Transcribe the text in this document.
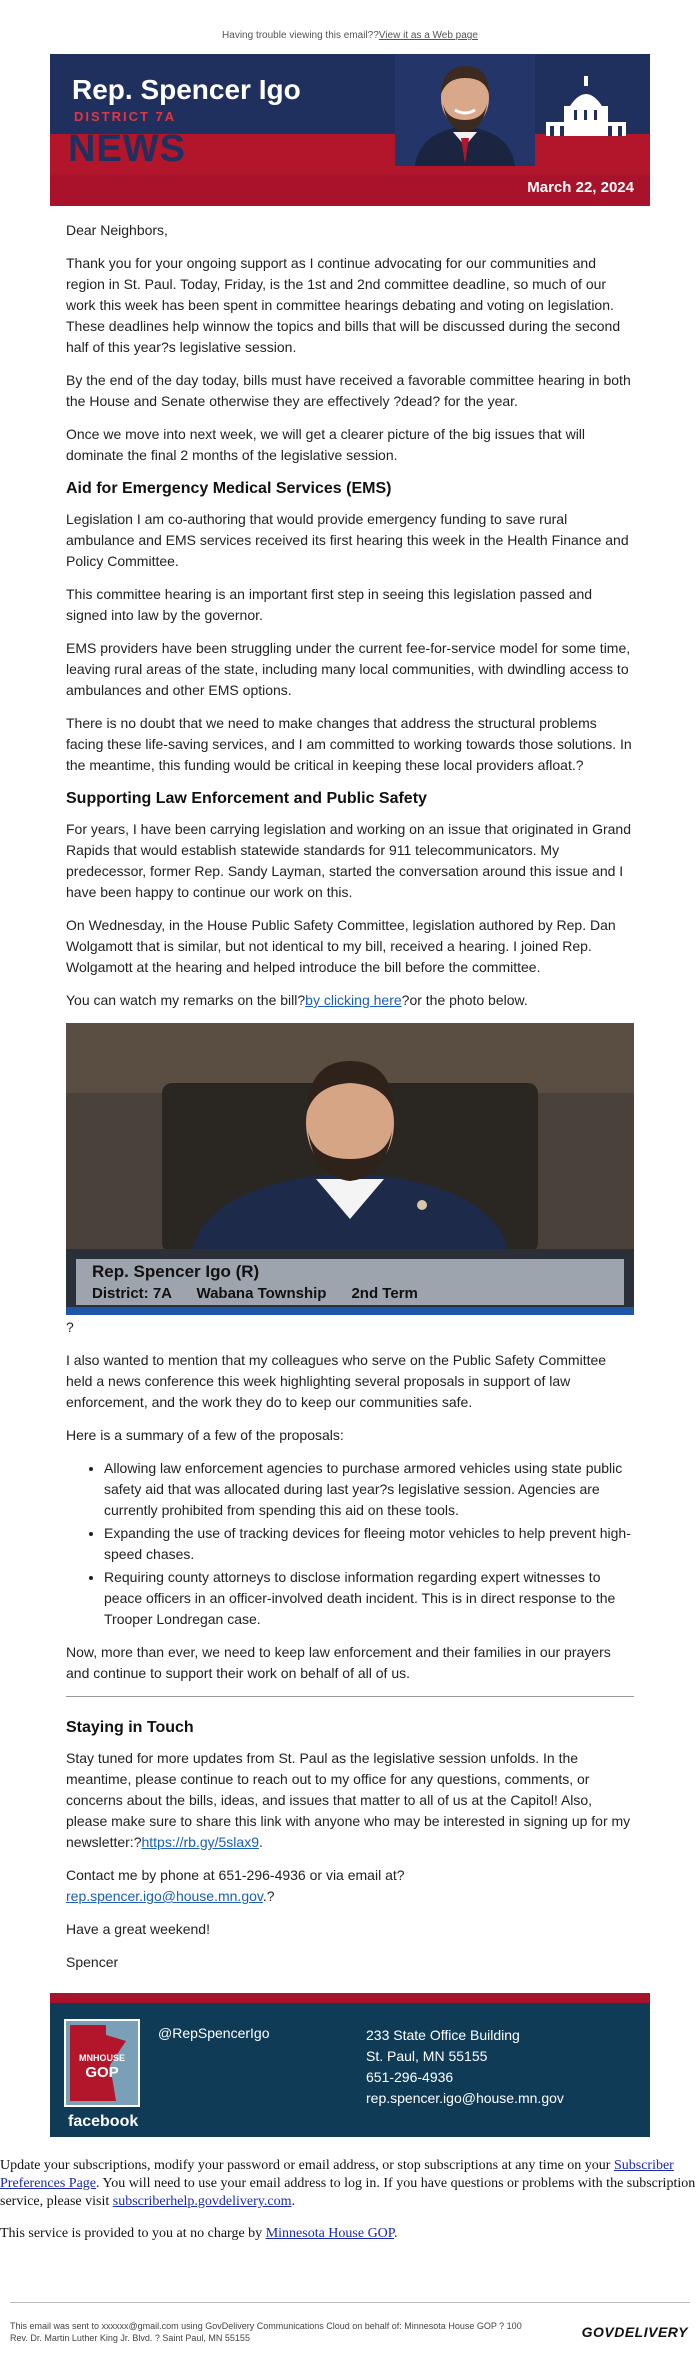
Having trouble viewing this email??View it as a Web page
Rep. Spencer Igo
DISTRICT 7A
NEWS
March 22, 2024

Dear Neighbors,

Thank you for your ongoing support as I continue advocating for our communities and region in St. Paul. Today, Friday, is the 1st and 2nd committee deadline, so much of our work this week has been spent in committee hearings debating and voting on legislation. These deadlines help winnow the topics and bills that will be discussed during the second half of this year?s legislative session.

By the end of the day today, bills must have received a favorable committee hearing in both the House and Senate otherwise they are effectively ?dead? for the year.

Once we move into next week, we will get a clearer picture of the big issues that will dominate the final 2 months of the legislative session.

Aid for Emergency Medical Services (EMS)

Legislation I am co-authoring that would provide emergency funding to save rural ambulance and EMS services received its first hearing this week in the Health Finance and Policy Committee.

This committee hearing is an important first step in seeing this legislation passed and signed into law by the governor.

EMS providers have been struggling under the current fee-for-service model for some time, leaving rural areas of the state, including many local communities, with dwindling access to ambulances and other EMS options.

There is no doubt that we need to make changes that address the structural problems facing these life-saving services, and I am committed to working towards those solutions. In the meantime, this funding would be critical in keeping these local providers afloat.?

Supporting Law Enforcement and Public Safety

For years, I have been carrying legislation and working on an issue that originated in Grand Rapids that would establish statewide standards for 911 telecommunicators. My predecessor, former Rep. Sandy Layman, started the conversation around this issue and I have been happy to continue our work on this.

On Wednesday, in the House Public Safety Committee, legislation authored by Rep. Dan Wolgamott that is similar, but not identical to my bill, received a hearing. I joined Rep. Wolgamott at the hearing and helped introduce the bill before the committee.

You can watch my remarks on the bill?by clicking here?or the photo below.

Rep. Spencer Igo (R)
District: 7A      Wabana Township      2nd Term
?

I also wanted to mention that my colleagues who serve on the Public Safety Committee held a news conference this week highlighting several proposals in support of law enforcement, and the work they do to keep our communities safe.

Here is a summary of a few of the proposals:

• Allowing law enforcement agencies to purchase armored vehicles using state public safety aid that was allocated during last year?s legislative session. Agencies are currently prohibited from spending this aid on these tools.
• Expanding the use of tracking devices for fleeing motor vehicles to help prevent high-speed chases.
• Requiring county attorneys to disclose information regarding expert witnesses to peace officers in an officer-involved death incident. This is in direct response to the Trooper Londregan case.

Now, more than ever, we need to keep law enforcement and their families in our prayers and continue to support their work on behalf of all of us.

Staying in Touch

Stay tuned for more updates from St. Paul as the legislative session unfolds. In the meantime, please continue to reach out to my office for any questions, comments, or concerns about the bills, ideas, and issues that matter to all of us at the Capitol! Also, please make sure to share this link with anyone who may be interested in signing up for my newsletter:?https://rb.gy/5slax9.

Contact me by phone at 651-296-4936 or via email at?
rep.spencer.igo@house.mn.gov.?

Have a great weekend!

Spencer

MNHOUSE
GOP
facebook
@RepSpencerIgo	233 State Office Building
St. Paul, MN 55155
651-296-4936
rep.spencer.igo@house.mn.gov

Update your subscriptions, modify your password or email address, or stop subscriptions at any time on your Subscriber Preferences Page. You will need to use your email address to log in. If you have questions or problems with the subscription service, please visit subscriberhelp.govdelivery.com.

This service is provided to you at no charge by Minnesota House GOP.

This email was sent to xxxxxx@gmail.com using GovDelivery Communications Cloud on behalf of: Minnesota House GOP ? 100
Rev. Dr. Martin Luther King Jr. Blvd. ? Saint Paul, MN 55155	GOVDELIVERY
